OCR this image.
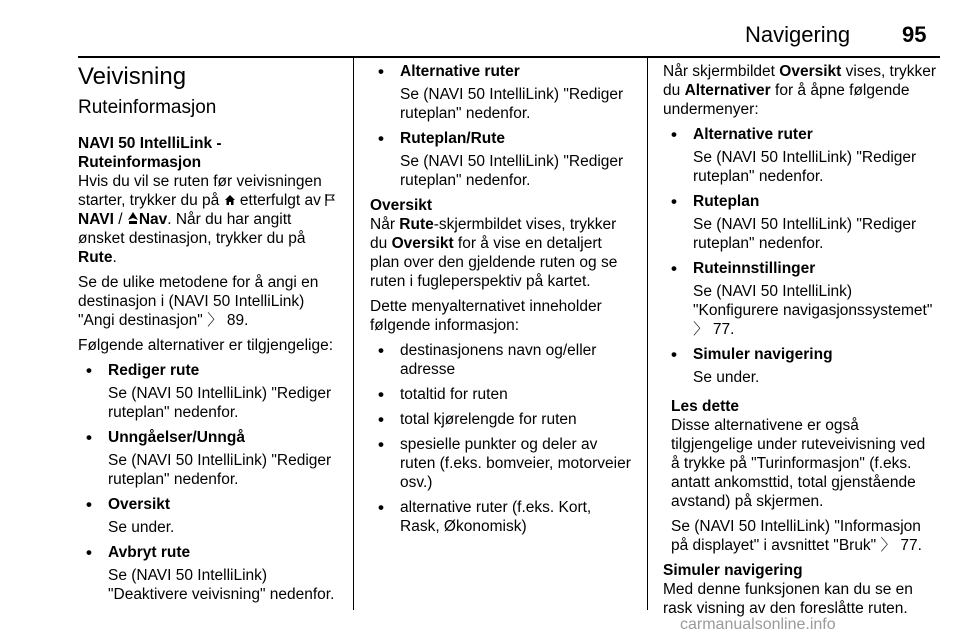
Navigering 95
Veivisning
Ruteinformasjon
NAVI 50 IntelliLink - Ruteinformasjon

Hvis du vil se ruten før veivisningen starter, trykker du på  etterfulgt av NAVI / Nav. Når du har angitt ønsket destinasjon, trykker du på Rute.

Se de ulike metodene for å angi en destinasjon i (NAVI 50 IntelliLink) "Angi destinasjon" 〉 89.

Følgende alternativer er tilgjengelige:

• Rediger rute
Se (NAVI 50 IntelliLink) "Rediger ruteplan" nedenfor.
• Unngåelser/Unngå
Se (NAVI 50 IntelliLink) "Rediger ruteplan" nedenfor.
• Oversikt
Se under.
• Avbryt rute
Se (NAVI 50 IntelliLink) "Deaktivere veivisning" nedenfor.
• Alternative ruter
Se (NAVI 50 IntelliLink) "Rediger ruteplan" nedenfor.
• Ruteplan/Rute
Se (NAVI 50 IntelliLink) "Rediger ruteplan" nedenfor.
Oversikt

Når Rute-skjermbildet vises, trykker du Oversikt for å vise en detaljert plan over den gjeldende ruten og se ruten i fugleperspektiv på kartet.

Dette menyalternativet inneholder følgende informasjon:

• destinasjonens navn og/eller adresse
• totaltid for ruten
• total kjørelengde for ruten
• spesielle punkter og deler av ruten (f.eks. bomveier, motorveier osv.)
• alternative ruter (f.eks. Kort, Rask, Økonomisk)

Når skjermbildet Oversikt vises, trykker du Alternativer for å åpne følgende undermenyer:

• Alternative ruter
Se (NAVI 50 IntelliLink) "Rediger ruteplan" nedenfor.
• Ruteplan
Se (NAVI 50 IntelliLink) "Rediger ruteplan" nedenfor.
• Ruteinnstillinger
Se (NAVI 50 IntelliLink) "Konfigurere navigasjonssystemet" 〉 77.
• Simuler navigering
Se under.
Les dette

Disse alternativene er også tilgjengelige under ruteveivisning ved å trykke på "Turinformasjon" (f.eks. antatt ankomsttid, total gjenstående avstand) på skjermen.

Se (NAVI 50 IntelliLink) "Informasjon på displayet" i avsnittet "Bruk" 〉 77.

Simuler navigering

Med denne funksjonen kan du se en rask visning av den foreslåtte ruten.

carmanualsonline.info
